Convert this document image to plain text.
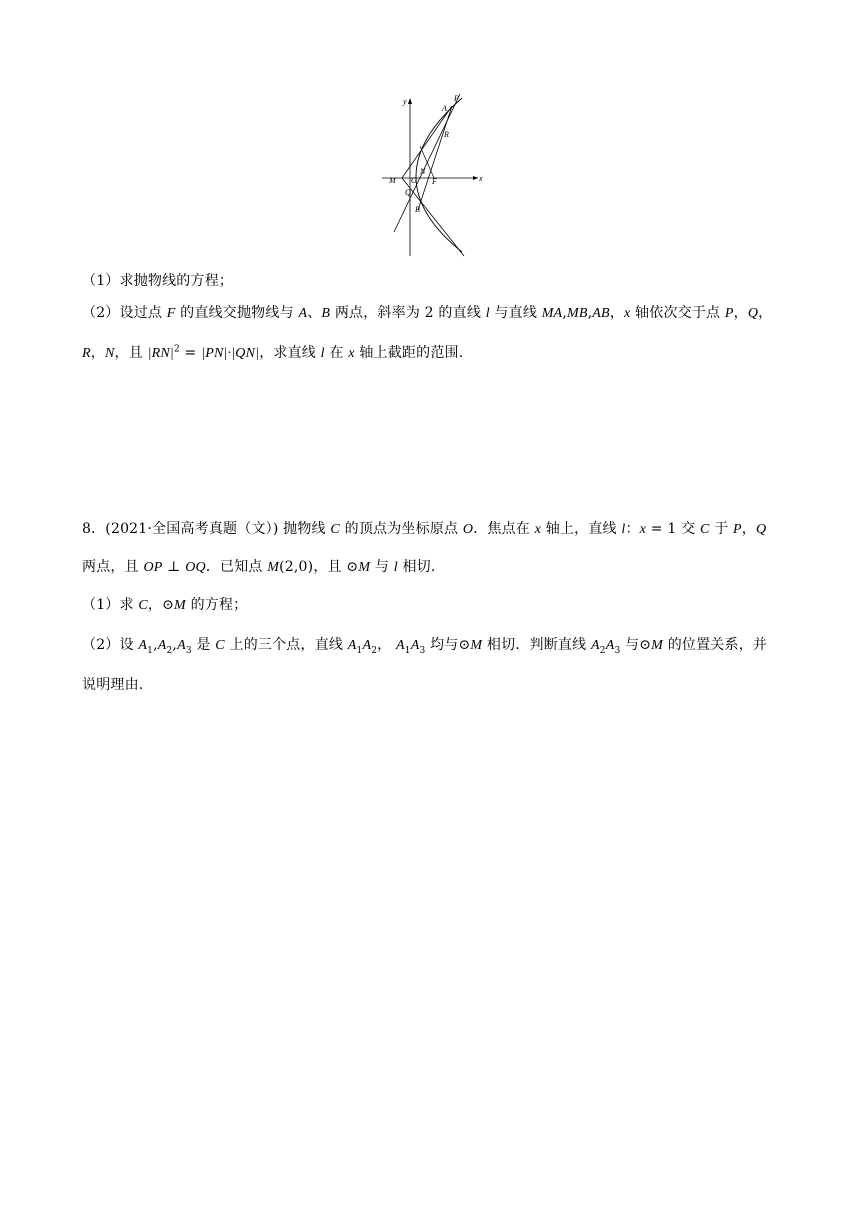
y
x
P
A
R
M O
N
F
Q
B
（1）求抛物线的方程；
（2）设过点 F 的直线交抛物线与 A、B 两点，斜率为 2 的直线 l 与直线 MA,MB,AB，x 轴依次交于点 P，Q，
R，N，且 $|RN|^2 = |PN|\cdot|QN|$，求直线 l 在 x 轴上截距的范围.
8．(2021·全国高考真题（文）) 抛物线 C 的顶点为坐标原点 O．焦点在 x 轴上，直线 l：x = 1 交 C 于 P，Q
两点，且 OP ⊥ OQ．已知点 M(2,0)，且 ⊙M 与 l 相切.
（1）求 C，⊙M 的方程；
（2）设 $A_1,A_2,A_3$ 是 C 上的三个点，直线 $A_1A_2$， $A_1A_3$ 均与⊙M 相切．判断直线 $A_2A_3$ 与⊙M 的位置关系，并
说明理由.
